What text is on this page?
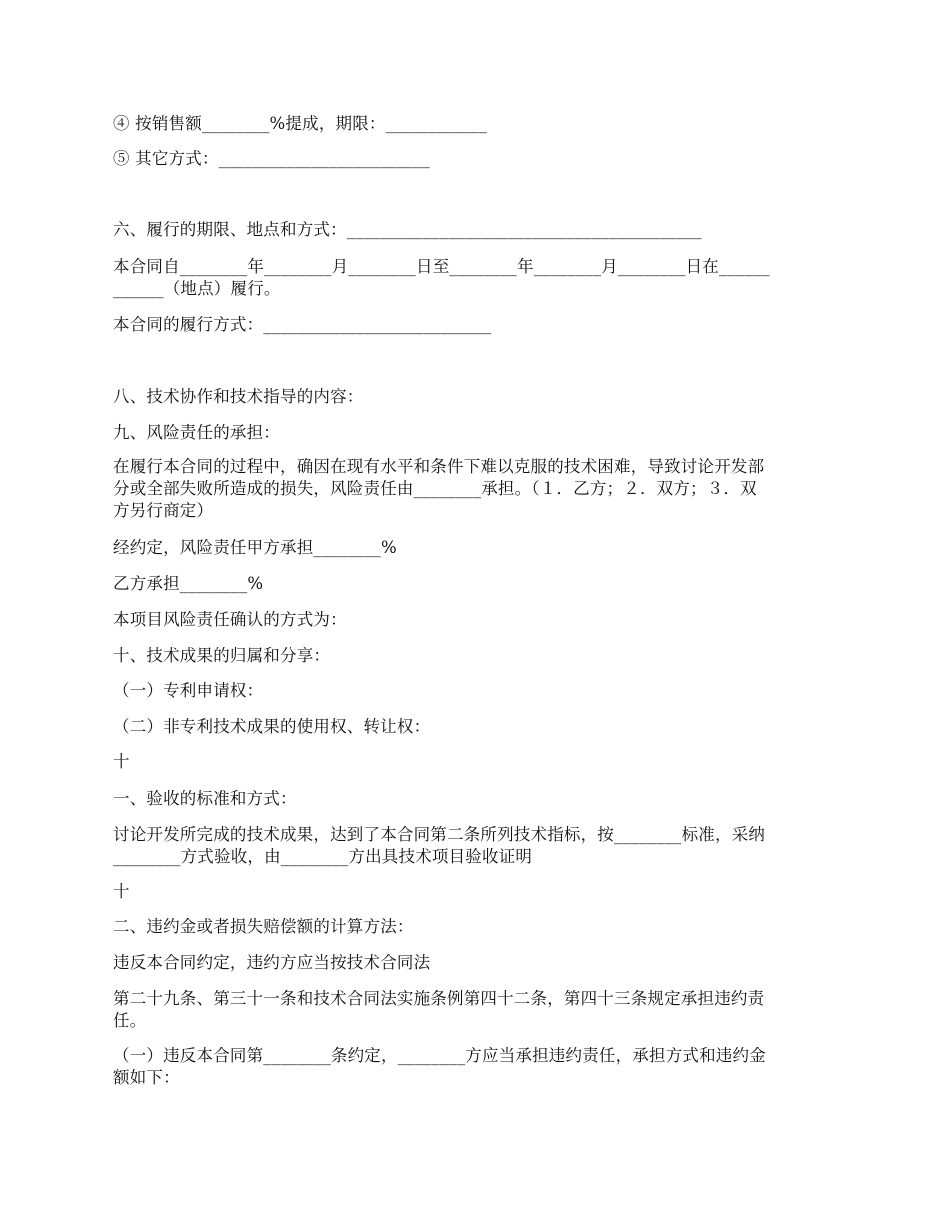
④ 按销售额________%提成，期限：____________
⑤ 其它方式：_________________________
六、履行的期限、地点和方式：__________________________________________
本合同自________年________月________日至________年________月________日在______
______（地点）履行。
本合同的履行方式：___________________________
八、技术协作和技术指导的内容：
九、风险责任的承担：
在履行本合同的过程中，确因在现有水平和条件下难以克服的技术困难，导致讨论开发部
分或全部失败所造成的损失，风险责任由________承担。（１．乙方；２．双方；３．双
方另行商定）
经约定，风险责任甲方承担________%
乙方承担________%
本项目风险责任确认的方式为：
十、技术成果的归属和分享：
（一）专利申请权：
（二）非专利技术成果的使用权、转让权：
十
一、验收的标准和方式：
讨论开发所完成的技术成果，达到了本合同第二条所列技术指标，按________标准，采纳
________方式验收，由________方出具技术项目验收证明
十
二、违约金或者损失赔偿额的计算方法：
违反本合同约定，违约方应当按技术合同法
第二十九条、第三十一条和技术合同法实施条例第四十二条，第四十三条规定承担违约责
任。
（一）违反本合同第________条约定，________方应当承担违约责任，承担方式和违约金
额如下：
